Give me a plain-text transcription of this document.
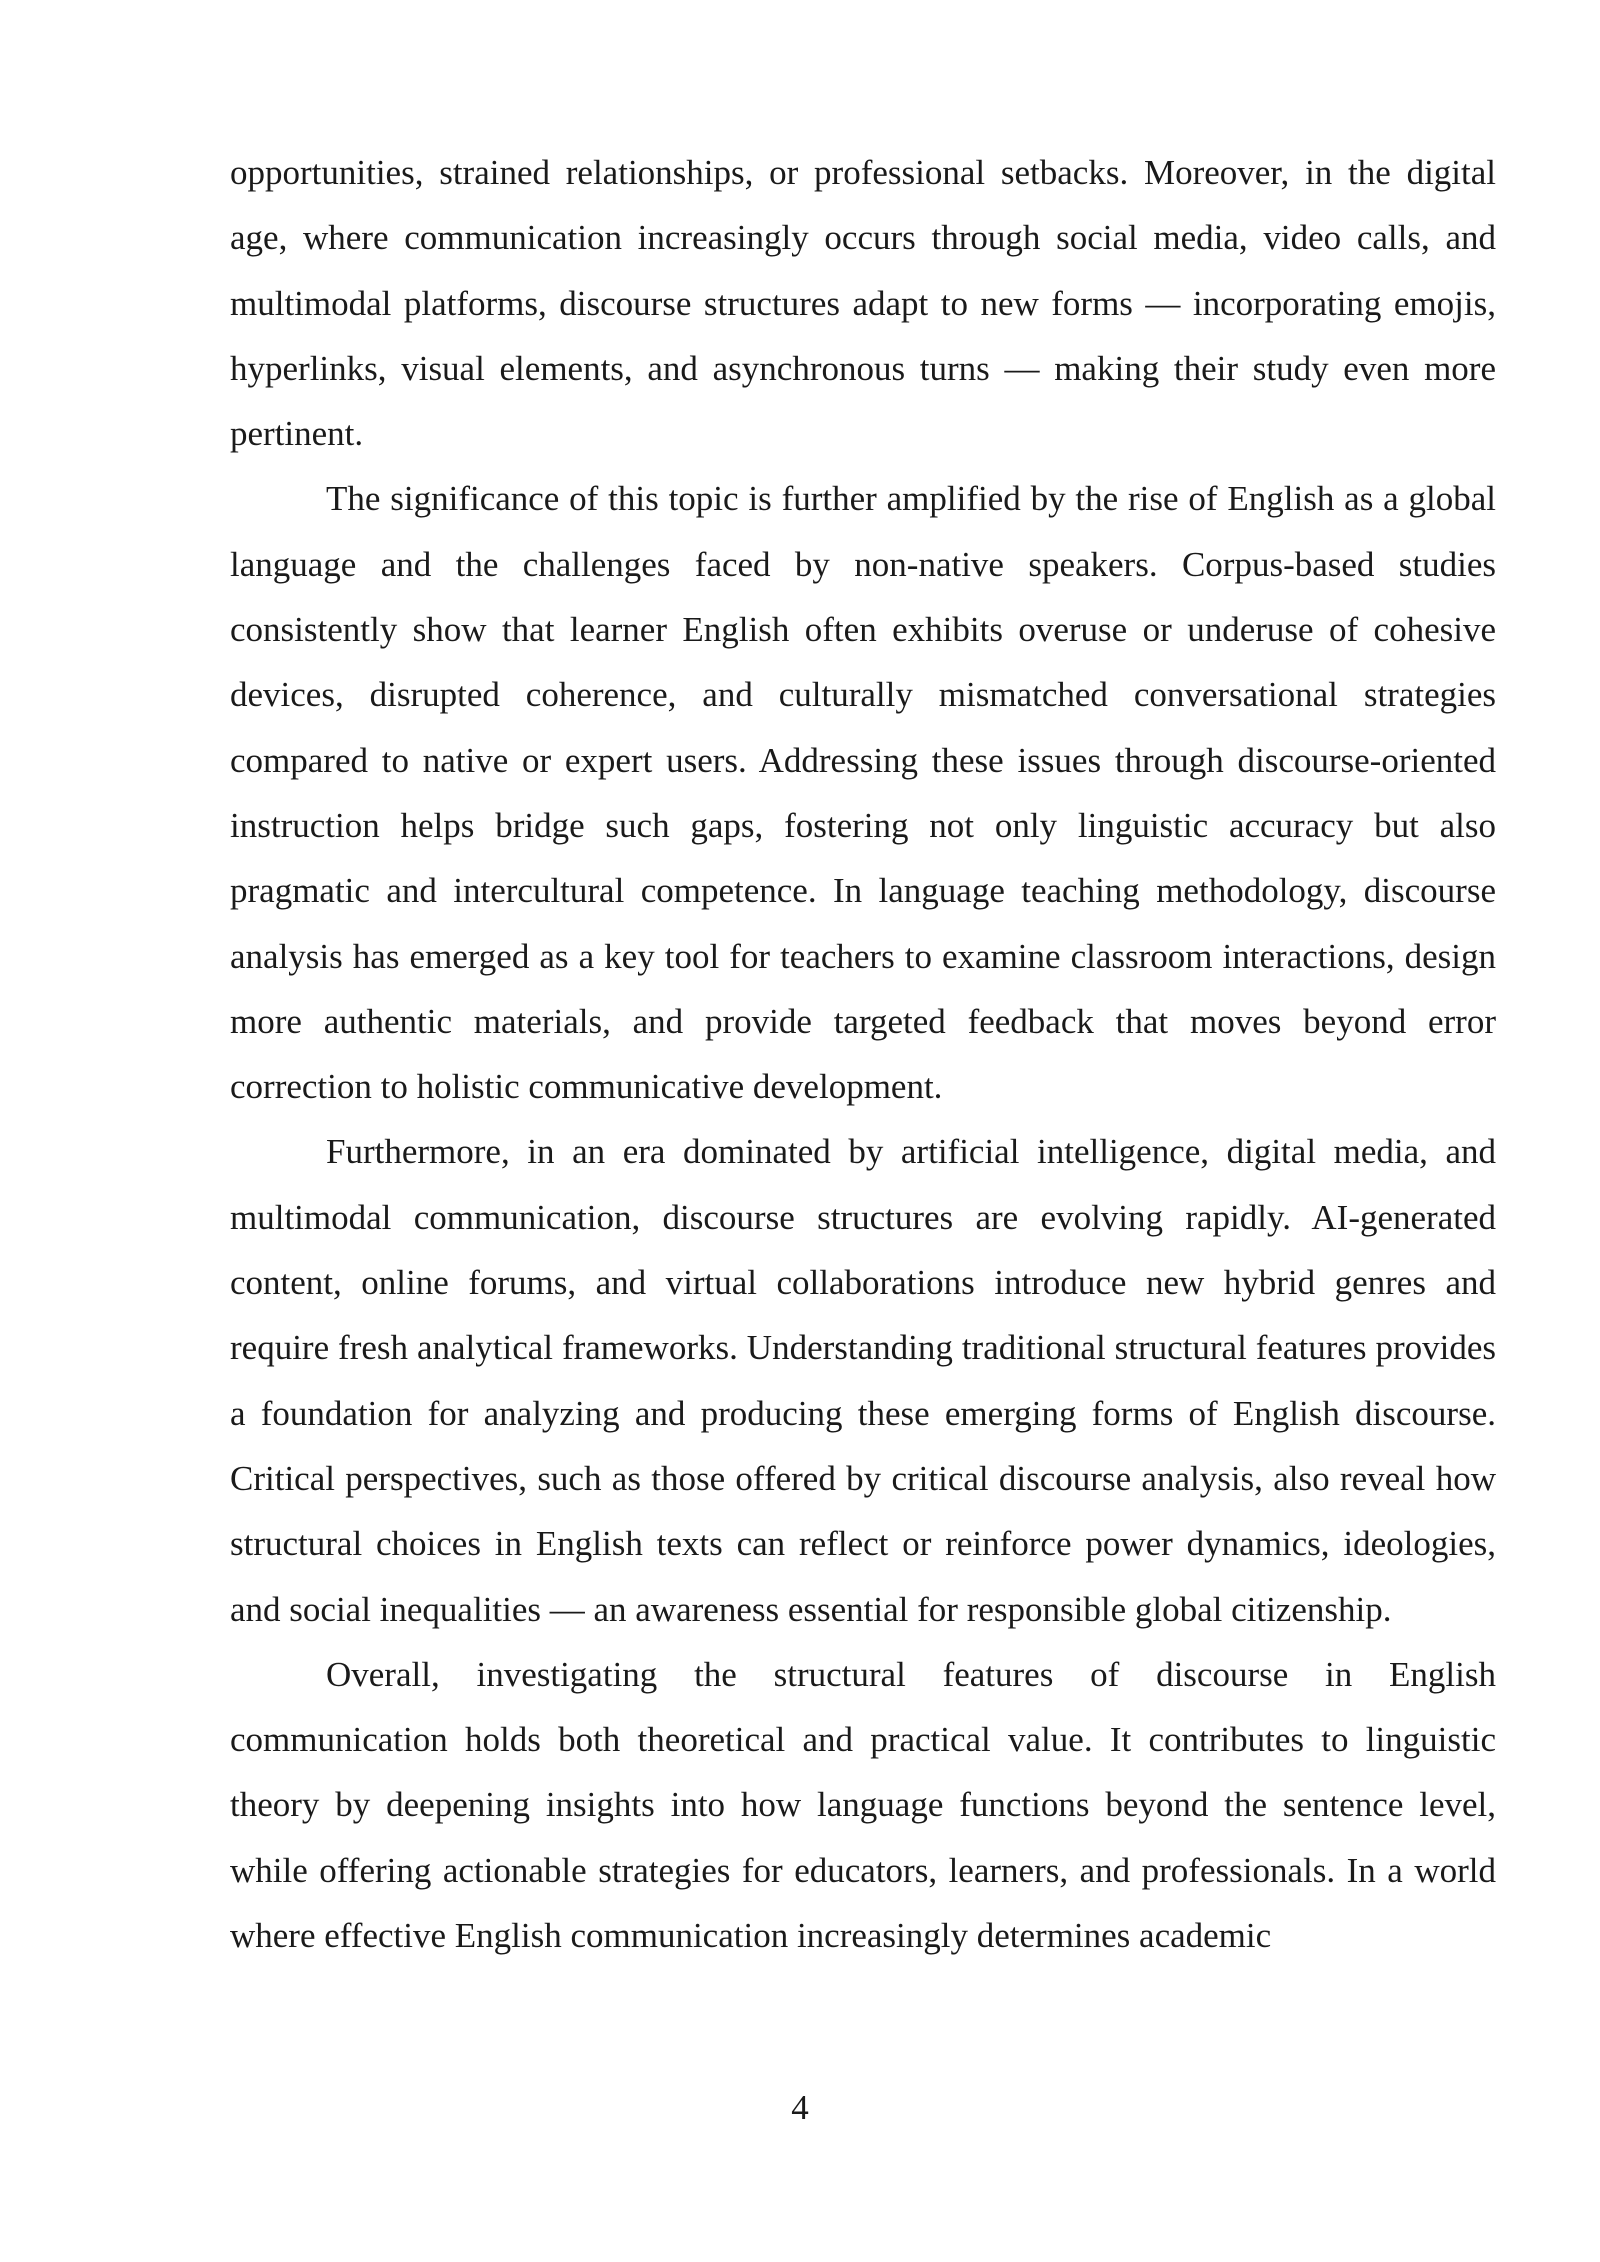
opportunities, strained relationships, or professional setbacks. Moreover, in the digital age, where communication increasingly occurs through social media, video calls, and multimodal platforms, discourse structures adapt to new forms — incorporating emojis, hyperlinks, visual elements, and asynchronous turns — making their study even more pertinent.

The significance of this topic is further amplified by the rise of English as a global language and the challenges faced by non-native speakers. Corpus-based studies consistently show that learner English often exhibits overuse or underuse of cohesive devices, disrupted coherence, and culturally mismatched conversational strategies compared to native or expert users. Addressing these issues through discourse-oriented instruction helps bridge such gaps, fostering not only linguistic accuracy but also pragmatic and intercultural competence. In language teaching methodology, discourse analysis has emerged as a key tool for teachers to examine classroom interactions, design more authentic materials, and provide targeted feedback that moves beyond error correction to holistic communicative development.

Furthermore, in an era dominated by artificial intelligence, digital media, and multimodal communication, discourse structures are evolving rapidly. AI-generated content, online forums, and virtual collaborations introduce new hybrid genres and require fresh analytical frameworks. Understanding traditional structural features provides a foundation for analyzing and producing these emerging forms of English discourse. Critical perspectives, such as those offered by critical discourse analysis, also reveal how structural choices in English texts can reflect or reinforce power dynamics, ideologies, and social inequalities — an awareness essential for responsible global citizenship.

Overall, investigating the structural features of discourse in English communication holds both theoretical and practical value. It contributes to linguistic theory by deepening insights into how language functions beyond the sentence level, while offering actionable strategies for educators, learners, and professionals. In a world where effective English communication increasingly determines academic

4
